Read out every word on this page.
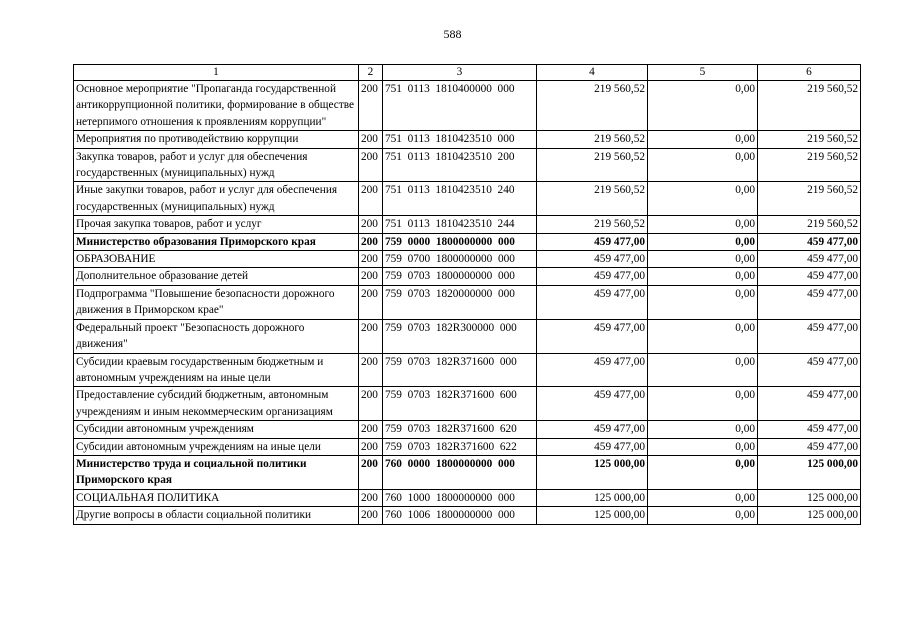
588
1	2	3	4	5	6
Основное мероприятие "Пропаганда государственной антикоррупционной политики, формирование в обществе нетерпимого отношения к проявлениям коррупции"	200	751  0113  1810400000  000	219 560,52	0,00	219 560,52
Мероприятия по противодействию коррупции	200	751  0113  1810423510  000	219 560,52	0,00	219 560,52
Закупка товаров, работ и услуг для обеспечения государственных (муниципальных) нужд	200	751  0113  1810423510  200	219 560,52	0,00	219 560,52
Иные закупки товаров, работ и услуг для обеспечения государственных (муниципальных) нужд	200	751  0113  1810423510  240	219 560,52	0,00	219 560,52
Прочая закупка товаров, работ и услуг	200	751  0113  1810423510  244	219 560,52	0,00	219 560,52
Министерство образования Приморского края	200	759  0000  1800000000  000	459 477,00	0,00	459 477,00
ОБРАЗОВАНИЕ	200	759  0700  1800000000  000	459 477,00	0,00	459 477,00
Дополнительное образование детей	200	759  0703  1800000000  000	459 477,00	0,00	459 477,00
Подпрограмма "Повышение безопасности дорожного движения в Приморском крае"	200	759  0703  1820000000  000	459 477,00	0,00	459 477,00
Федеральный проект "Безопасность дорожного движения"	200	759  0703  182R300000  000	459 477,00	0,00	459 477,00
Субсидии краевым государственным бюджетным и автономным учреждениям на иные цели	200	759  0703  182R371600  000	459 477,00	0,00	459 477,00
Предоставление субсидий бюджетным, автономным учреждениям и иным некоммерческим организациям	200	759  0703  182R371600  600	459 477,00	0,00	459 477,00
Субсидии автономным учреждениям	200	759  0703  182R371600  620	459 477,00	0,00	459 477,00
Субсидии автономным учреждениям на иные цели	200	759  0703  182R371600  622	459 477,00	0,00	459 477,00
Министерство труда и социальной политики Приморского края	200	760  0000  1800000000  000	125 000,00	0,00	125 000,00
СОЦИАЛЬНАЯ ПОЛИТИКА	200	760  1000  1800000000  000	125 000,00	0,00	125 000,00
Другие вопросы в области социальной политики	200	760  1006  1800000000  000	125 000,00	0,00	125 000,00
